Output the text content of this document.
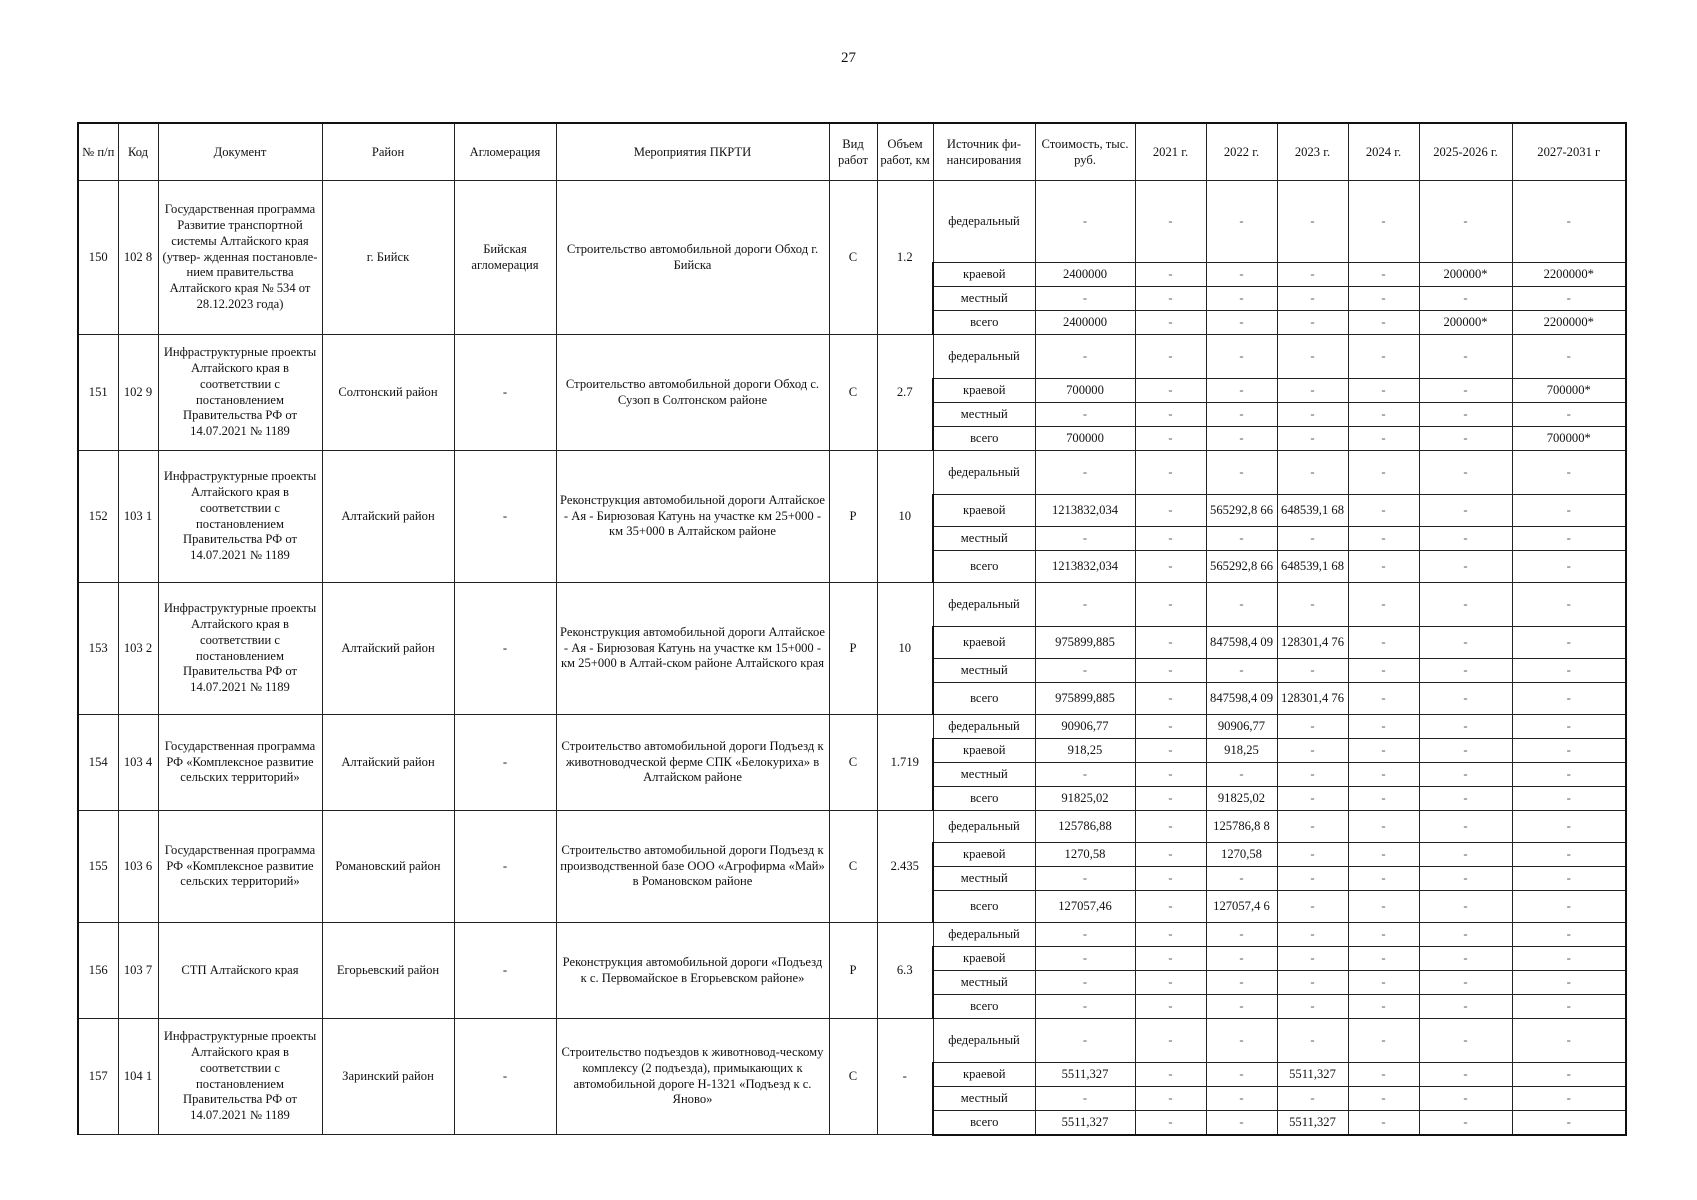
27
№ п/п	Код	Документ	Район	Агломерация	Мероприятия ПКРТИ	Вид работ	Объем работ, км	Источник фи-нансирования	Стоимость, тыс. руб.	2021 г.	2022 г.	2023 г.	2024 г.	2025-2026 г.	2027-2031 г
150	102 8	Государственная программа Развитие транспортной системы Алтайского края (утвер- жденная постановле- нием правительства Алтайского края № 534 от 28.12.2023 года)	г. Бийск	Бийская агломерация	Строительство автомобильной дороги Обход г. Бийска	С	1.2	федеральный	-	-	-	-	-	-	-
								краевой	2400000	-	-	-	-	200000*	2200000*
								местный	-	-	-	-	-	-	-
								всего	2400000	-	-	-	-	200000*	2200000*
151	102 9	Инфраструктурные проекты Алтайского края в соответствии с постановлением Правительства РФ от 14.07.2021 № 1189	Солтонский район	-	Строительство автомобильной дороги Обход с. Сузоп в Солтонском районе	С	2.7	федеральный	-	-	-	-	-	-	-
								краевой	700000	-	-	-	-	-	700000*
								местный	-	-	-	-	-	-	-
								всего	700000	-	-	-	-	-	700000*
152	103 1	Инфраструктурные проекты Алтайского края в соответствии с постановлением Правительства РФ от 14.07.2021 № 1189	Алтайский район	-	Реконструкция автомобильной дороги Алтайское - Ая - Бирюзовая Катунь на участке км 25+000 - км 35+000 в Алтайском районе	Р	10	федеральный	-	-	-	-	-	-	-
								краевой	1213832,034	-	565292,8 66	648539,1 68	-	-	-
								местный	-	-	-	-	-	-	-
								всего	1213832,034	-	565292,8 66	648539,1 68	-	-	-
153	103 2	Инфраструктурные проекты Алтайского края в соответствии с постановлением Правительства РФ от 14.07.2021 № 1189	Алтайский район	-	Реконструкция автомобильной дороги Алтайское - Ая - Бирюзовая Катунь на участке км 15+000 - км 25+000 в Алтай-ском районе Алтайского края	Р	10	федеральный	-	-	-	-	-	-	-
								краевой	975899,885	-	847598,4 09	128301,4 76	-	-	-
								местный	-	-	-	-	-	-	-
								всего	975899,885	-	847598,4 09	128301,4 76	-	-	-
154	103 4	Государственная программа РФ «Комплексное развитие сельских территорий»	Алтайский район	-	Строительство автомобильной дороги Подъезд к животноводческой ферме СПК «Белокуриха» в Алтайском районе	С	1.719	федеральный	90906,77	-	90906,77	-	-	-	-
								краевой	918,25	-	918,25	-	-	-	-
								местный	-	-	-	-	-	-	-
								всего	91825,02	-	91825,02	-	-	-	-
155	103 6	Государственная программа РФ «Комплексное развитие сельских территорий»	Романовский район	-	Строительство автомобильной дороги Подъезд к производственной базе ООО «Агрофирма «Май» в Романовском районе	С	2.435	федеральный	125786,88	-	125786,8 8	-	-	-	-
								краевой	1270,58	-	1270,58	-	-	-	-
								местный	-	-	-	-	-	-	-
								всего	127057,46	-	127057,4 6	-	-	-	-
156	103 7	СТП Алтайского края	Егорьевский район	-	Реконструкция автомобильной дороги «Подъезд к с. Первомайское в Егорьевском районе»	Р	6.3	федеральный	-	-	-	-	-	-	-
								краевой	-	-	-	-	-	-	-
								местный	-	-	-	-	-	-	-
								всего	-	-	-	-	-	-	-
157	104 1	Инфраструктурные проекты Алтайского края в соответствии с постановлением Правительства РФ от 14.07.2021 № 1189	Заринский район	-	Строительство подъездов к животновод-ческому комплексу (2 подъезда), примыкающих к автомобильной дороге Н-1321 «Подъезд к с. Яново»	С	-	федеральный	-	-	-	-	-	-	-
								краевой	5511,327	-	-	5511,327	-	-	-
								местный	-	-	-	-	-	-	-
								всего	5511,327	-	-	5511,327	-	-	-
